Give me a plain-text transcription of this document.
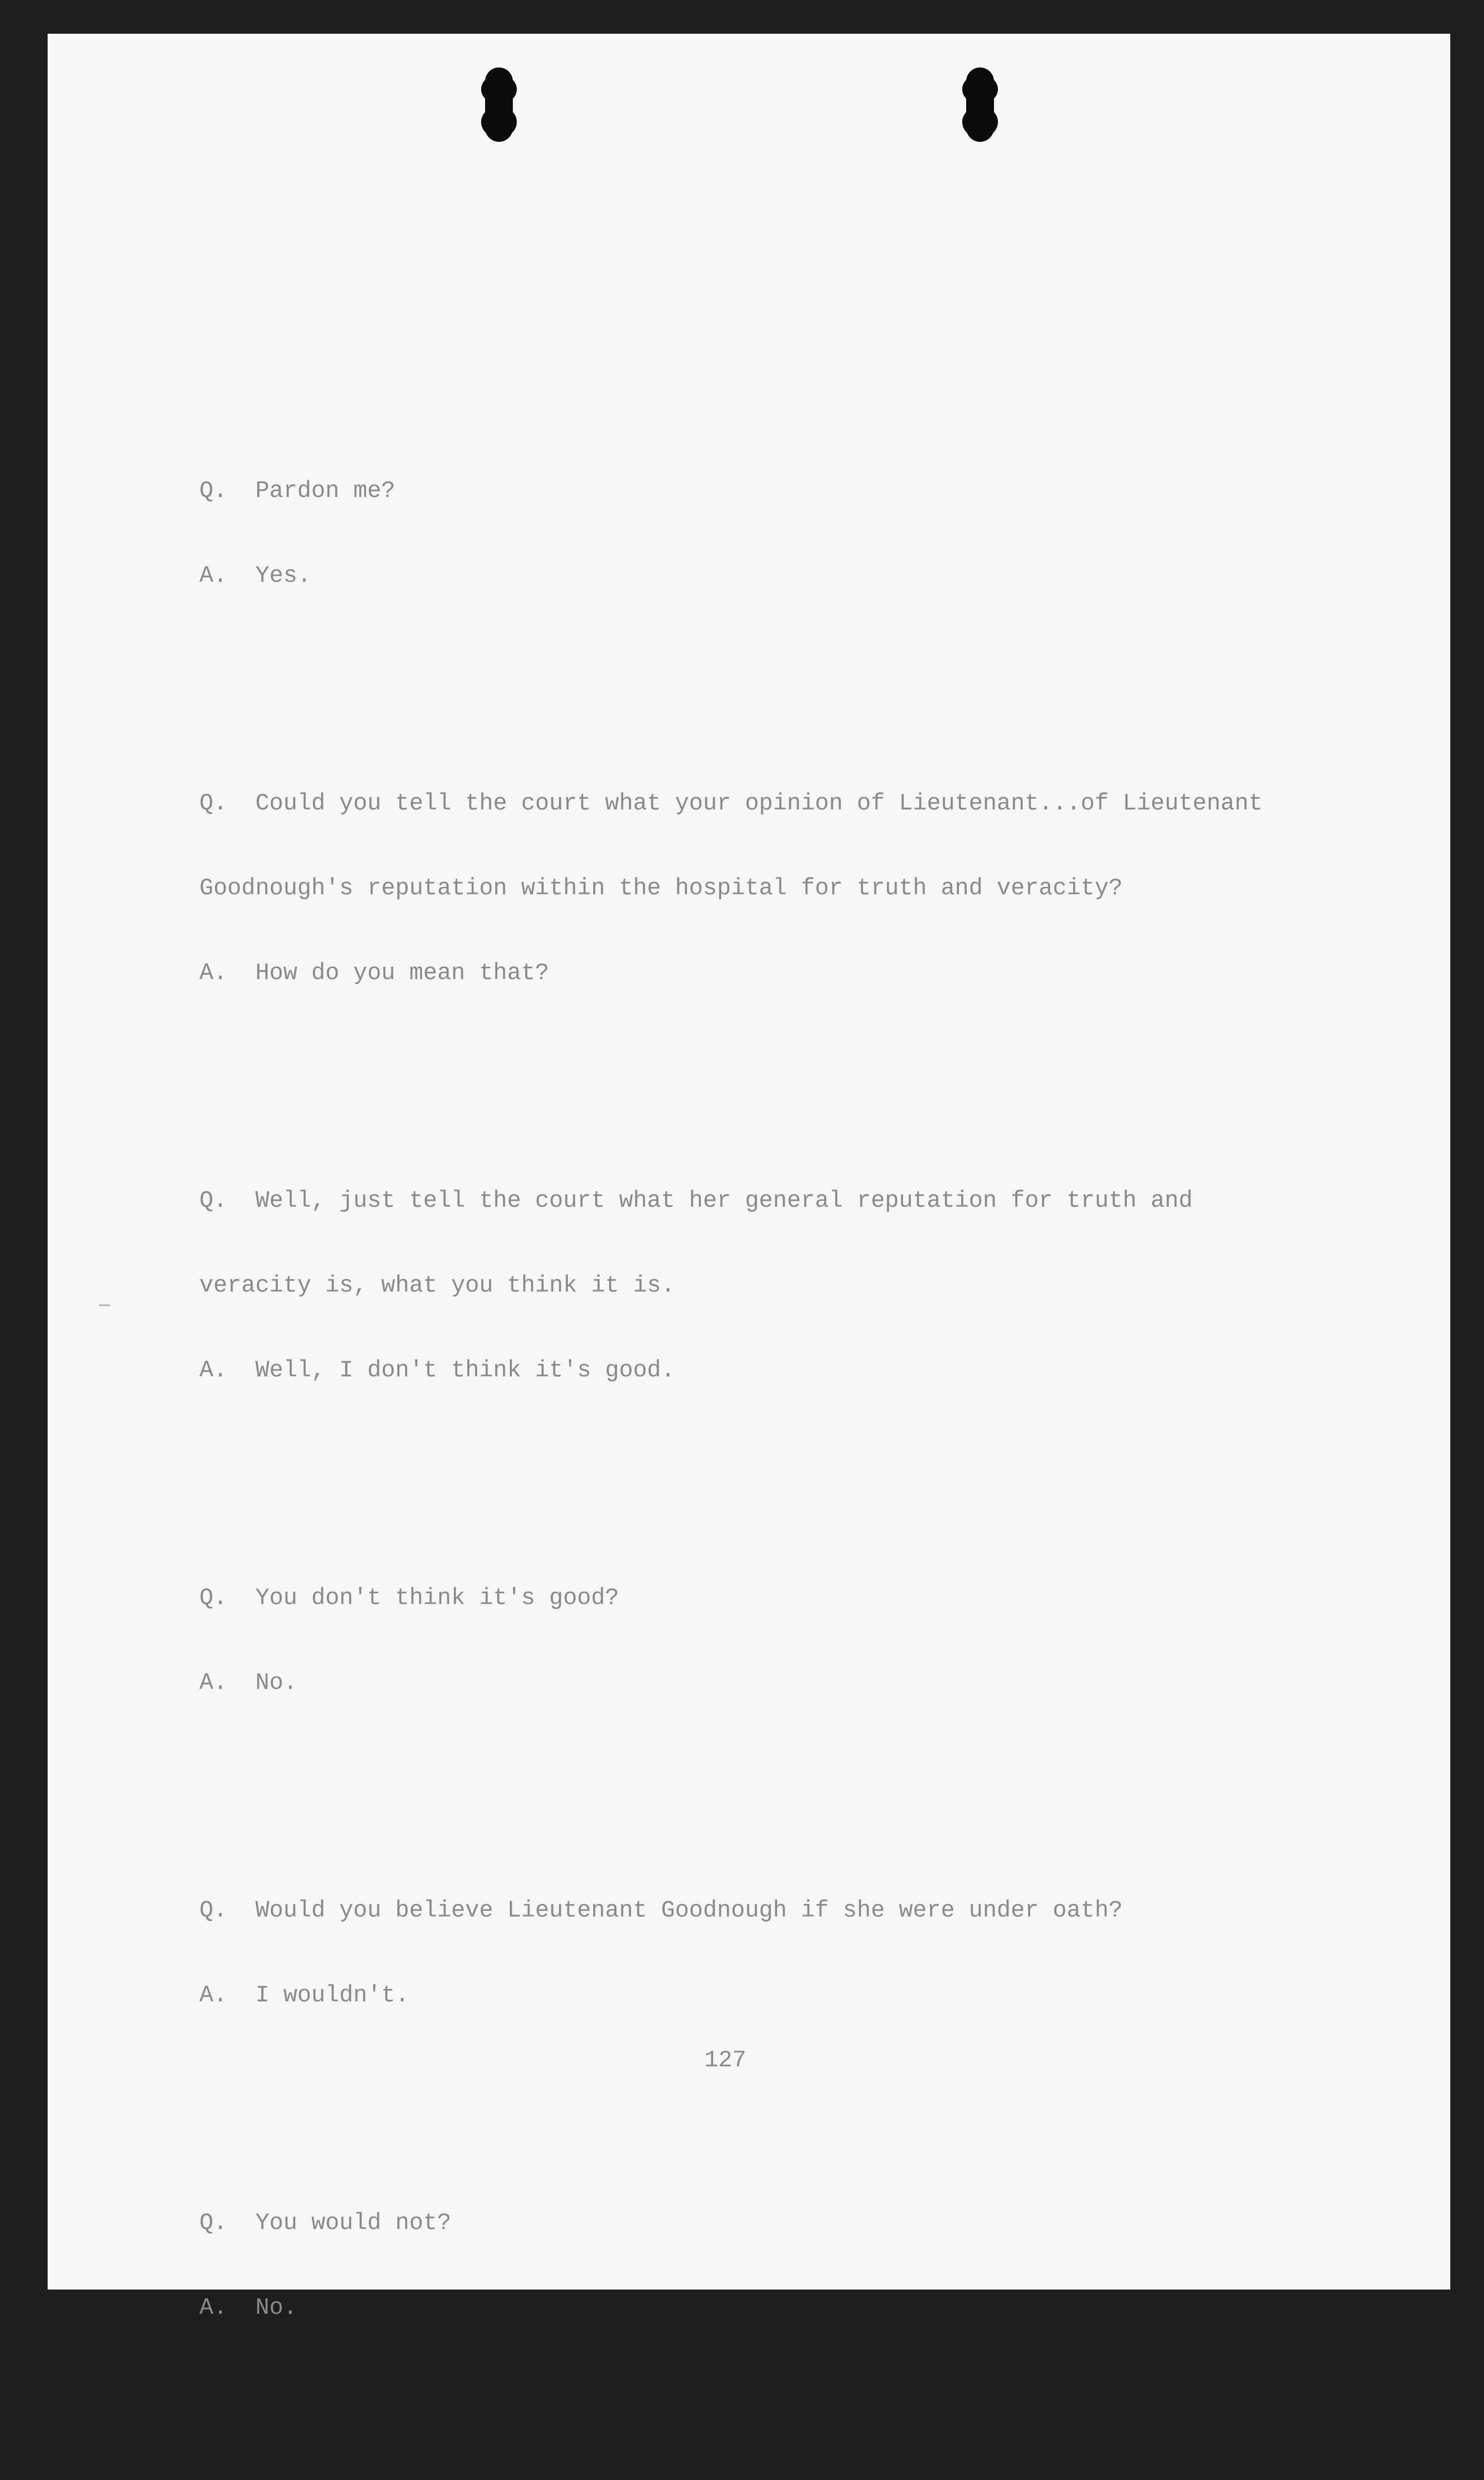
Q.  Pardon me?

A.  Yes.

Q.  Could you tell the court what your opinion of Lieutenant...of Lieutenant

Goodnough's reputation within the hospital for truth and veracity?

A.  How do you mean that?

Q.  Well, just tell the court what her general reputation for truth and

veracity is, what you think it is.

A.  Well, I don't think it's good.

Q.  You don't think it's good?

A.  No.

Q.  Would you believe Lieutenant Goodnough if she were under oath?

A.  I wouldn't.

Q.  You would not?

A.  No.

127
